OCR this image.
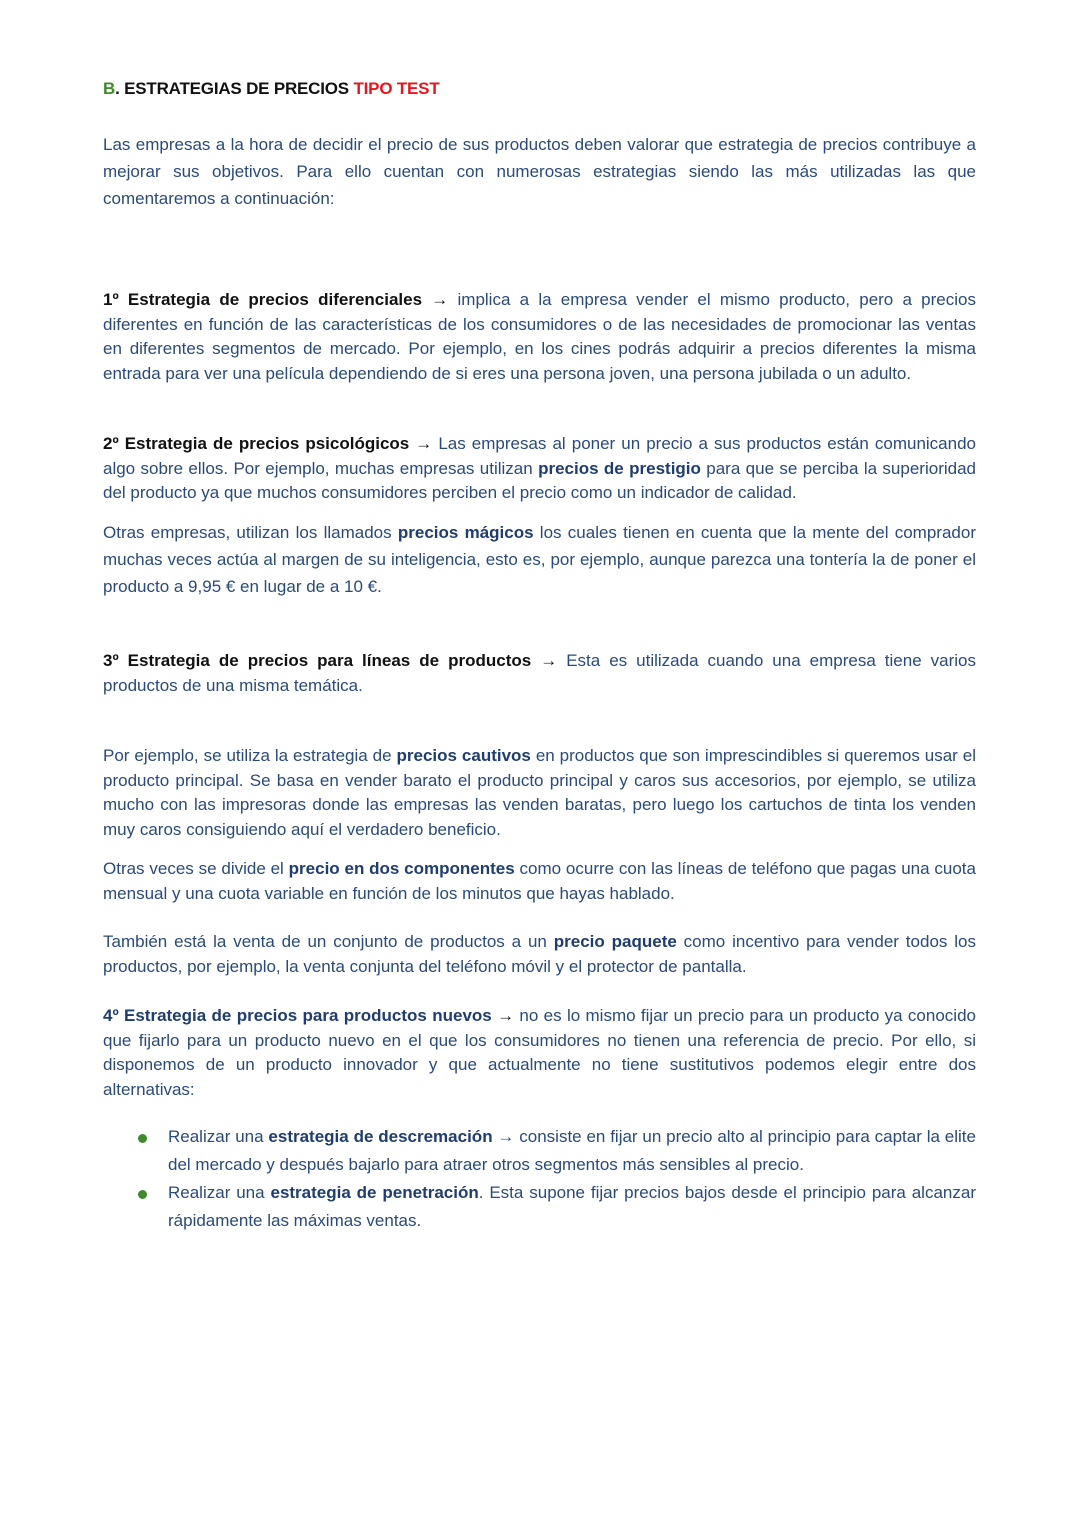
B. ESTRATEGIAS DE PRECIOS TIPO TEST

Las empresas a la hora de decidir el precio de sus productos deben valorar que estrategia de precios contribuye a mejorar sus objetivos. Para ello cuentan con numerosas estrategias siendo las más utilizadas las que comentaremos a continuación:

1º Estrategia de precios diferenciales → implica a la empresa vender el mismo producto, pero a precios diferentes en función de las características de los consumidores o de las necesidades de promocionar las ventas en diferentes segmentos de mercado. Por ejemplo, en los cines podrás adquirir a precios diferentes la misma entrada para ver una película dependiendo de si eres una persona joven, una persona jubilada o un adulto.

2º Estrategia de precios psicológicos → Las empresas al poner un precio a sus productos están comunicando algo sobre ellos. Por ejemplo, muchas empresas utilizan precios de prestigio para que se perciba la superioridad del producto ya que muchos consumidores perciben el precio como un indicador de calidad.

Otras empresas, utilizan los llamados precios mágicos los cuales tienen en cuenta que la mente del comprador muchas veces actúa al margen de su inteligencia, esto es, por ejemplo, aunque parezca una tontería la de poner el producto a 9,95 € en lugar de a 10 €.

3º Estrategia de precios para líneas de productos → Esta es utilizada cuando una empresa tiene varios productos de una misma temática.

Por ejemplo, se utiliza la estrategia de precios cautivos en productos que son imprescindibles si queremos usar el producto principal. Se basa en vender barato el producto principal y caros sus accesorios, por ejemplo, se utiliza mucho con las impresoras donde las empresas las venden baratas, pero luego los cartuchos de tinta los venden muy caros consiguiendo aquí el verdadero beneficio.

Otras veces se divide el precio en dos componentes como ocurre con las líneas de teléfono que pagas una cuota mensual y una cuota variable en función de los minutos que hayas hablado.

También está la venta de un conjunto de productos a un precio paquete como incentivo para vender todos los productos, por ejemplo, la venta conjunta del teléfono móvil y el protector de pantalla.

4º Estrategia de precios para productos nuevos → no es lo mismo fijar un precio para un producto ya conocido que fijarlo para un producto nuevo en el que los consumidores no tienen una referencia de precio. Por ello, si disponemos de un producto innovador y que actualmente no tiene sustitutivos podemos elegir entre dos alternativas:

Realizar una estrategia de descremación → consiste en fijar un precio alto al principio para captar la elite del mercado y después bajarlo para atraer otros segmentos más sensibles al precio.
Realizar una estrategia de penetración. Esta supone fijar precios bajos desde el principio para alcanzar rápidamente las máximas ventas.
